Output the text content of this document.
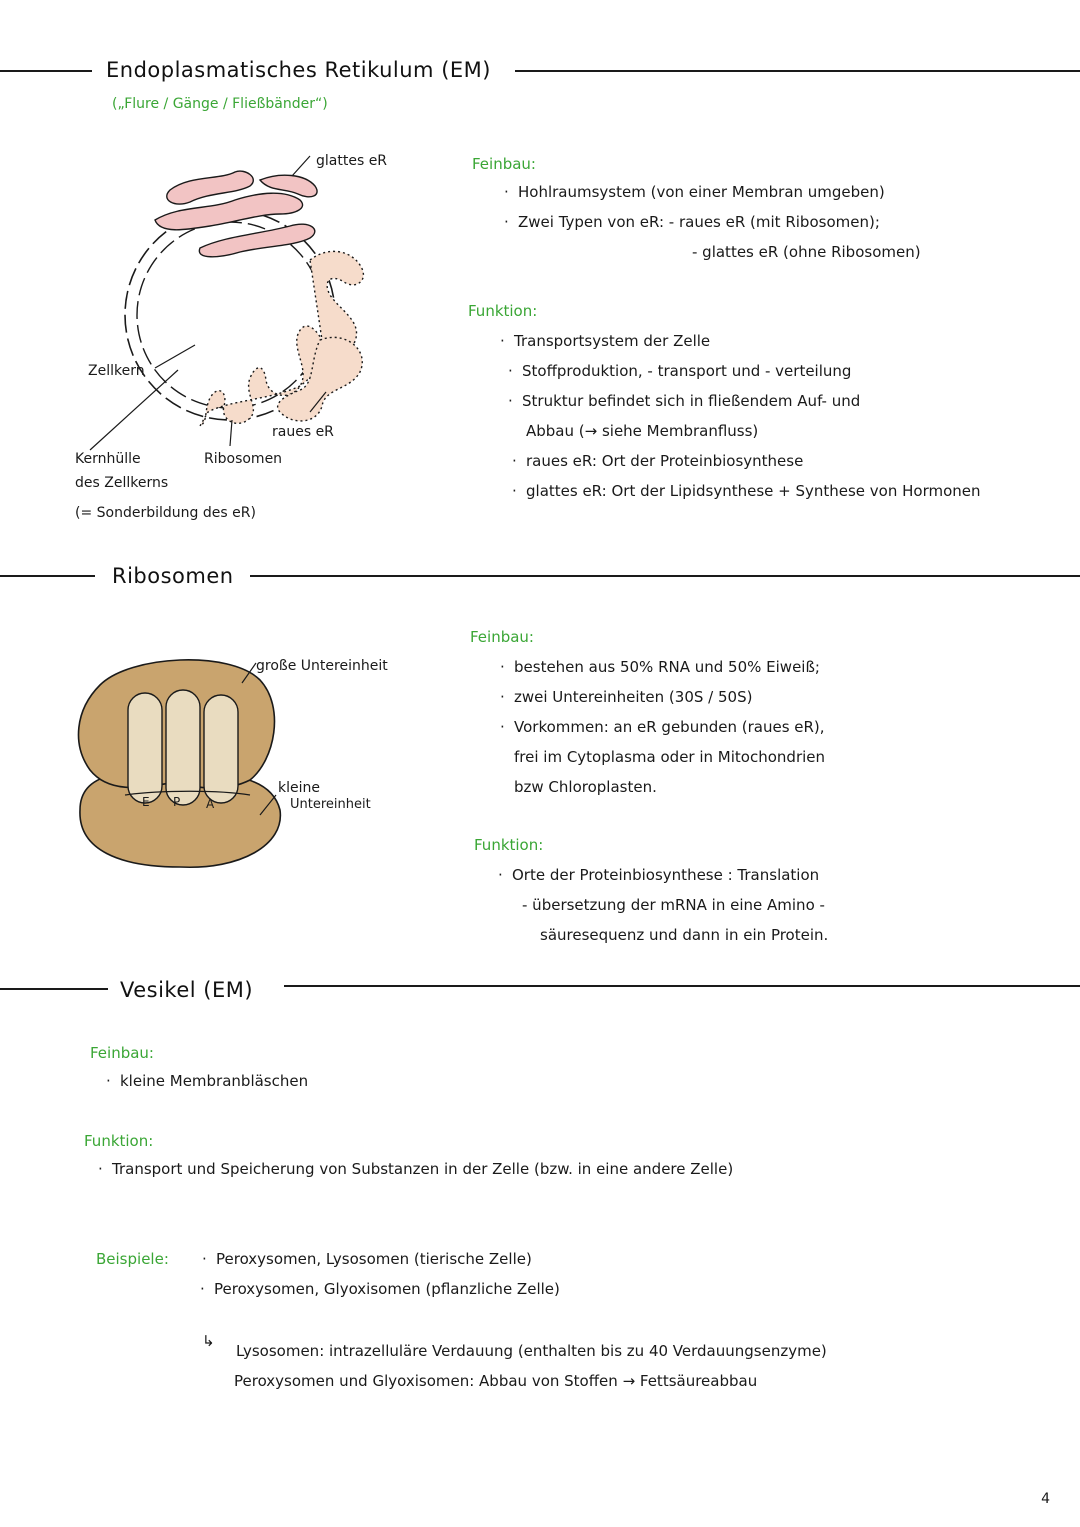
Endoplasmatisches Retikulum (EM)
(„Flure / Gänge / Fließbänder“)
glattes eR
Zellkern
raues eR
Kernhülle
des Zellkerns
Ribosomen
(= Sonderbildung des eR)
Feinbau:
· Hohlraumsystem (von einer Membran umgeben)
· Zwei Typen von eR: - raues eR (mit Ribosomen);
- glattes eR (ohne Ribosomen)
Funktion:
· Transportsystem der Zelle
· Stoffproduktion, - transport und - verteilung
· Struktur befindet sich in fließendem Auf- und
Abbau (→ siehe Membranfluss)
· raues eR: Ort der Proteinbiosynthese
· glattes eR: Ort der Lipidsynthese + Synthese von Hormonen
Ribosomen
E P A
große Untereinheit
kleine
Untereinheit
Feinbau:
· bestehen aus 50% RNA und 50% Eiweiß;
· zwei Untereinheiten (30S / 50S)
· Vorkommen: an eR gebunden (raues eR),
frei im Cytoplasma oder in Mitochondrien
bzw Chloroplasten.
Funktion:
· Orte der Proteinbiosynthese : Translation
- übersetzung der mRNA in eine Amino -
säuresequenz und dann in ein Protein.
Vesikel (EM)
Feinbau:
· kleine Membranbläschen
Funktion:
· Transport und Speicherung von Substanzen in der Zelle (bzw. in eine andere Zelle)
Beispiele:
·	Peroxysomen, Lysosomen (tierische Zelle)
· Peroxysomen, Glyoxisomen (pflanzliche Zelle)
↳
Lysosomen: intrazelluläre Verdauung (enthalten bis zu 40 Verdauungsenzyme)
Peroxysomen und Glyoxisomen: Abbau von Stoffen → Fettsäureabbau
4
